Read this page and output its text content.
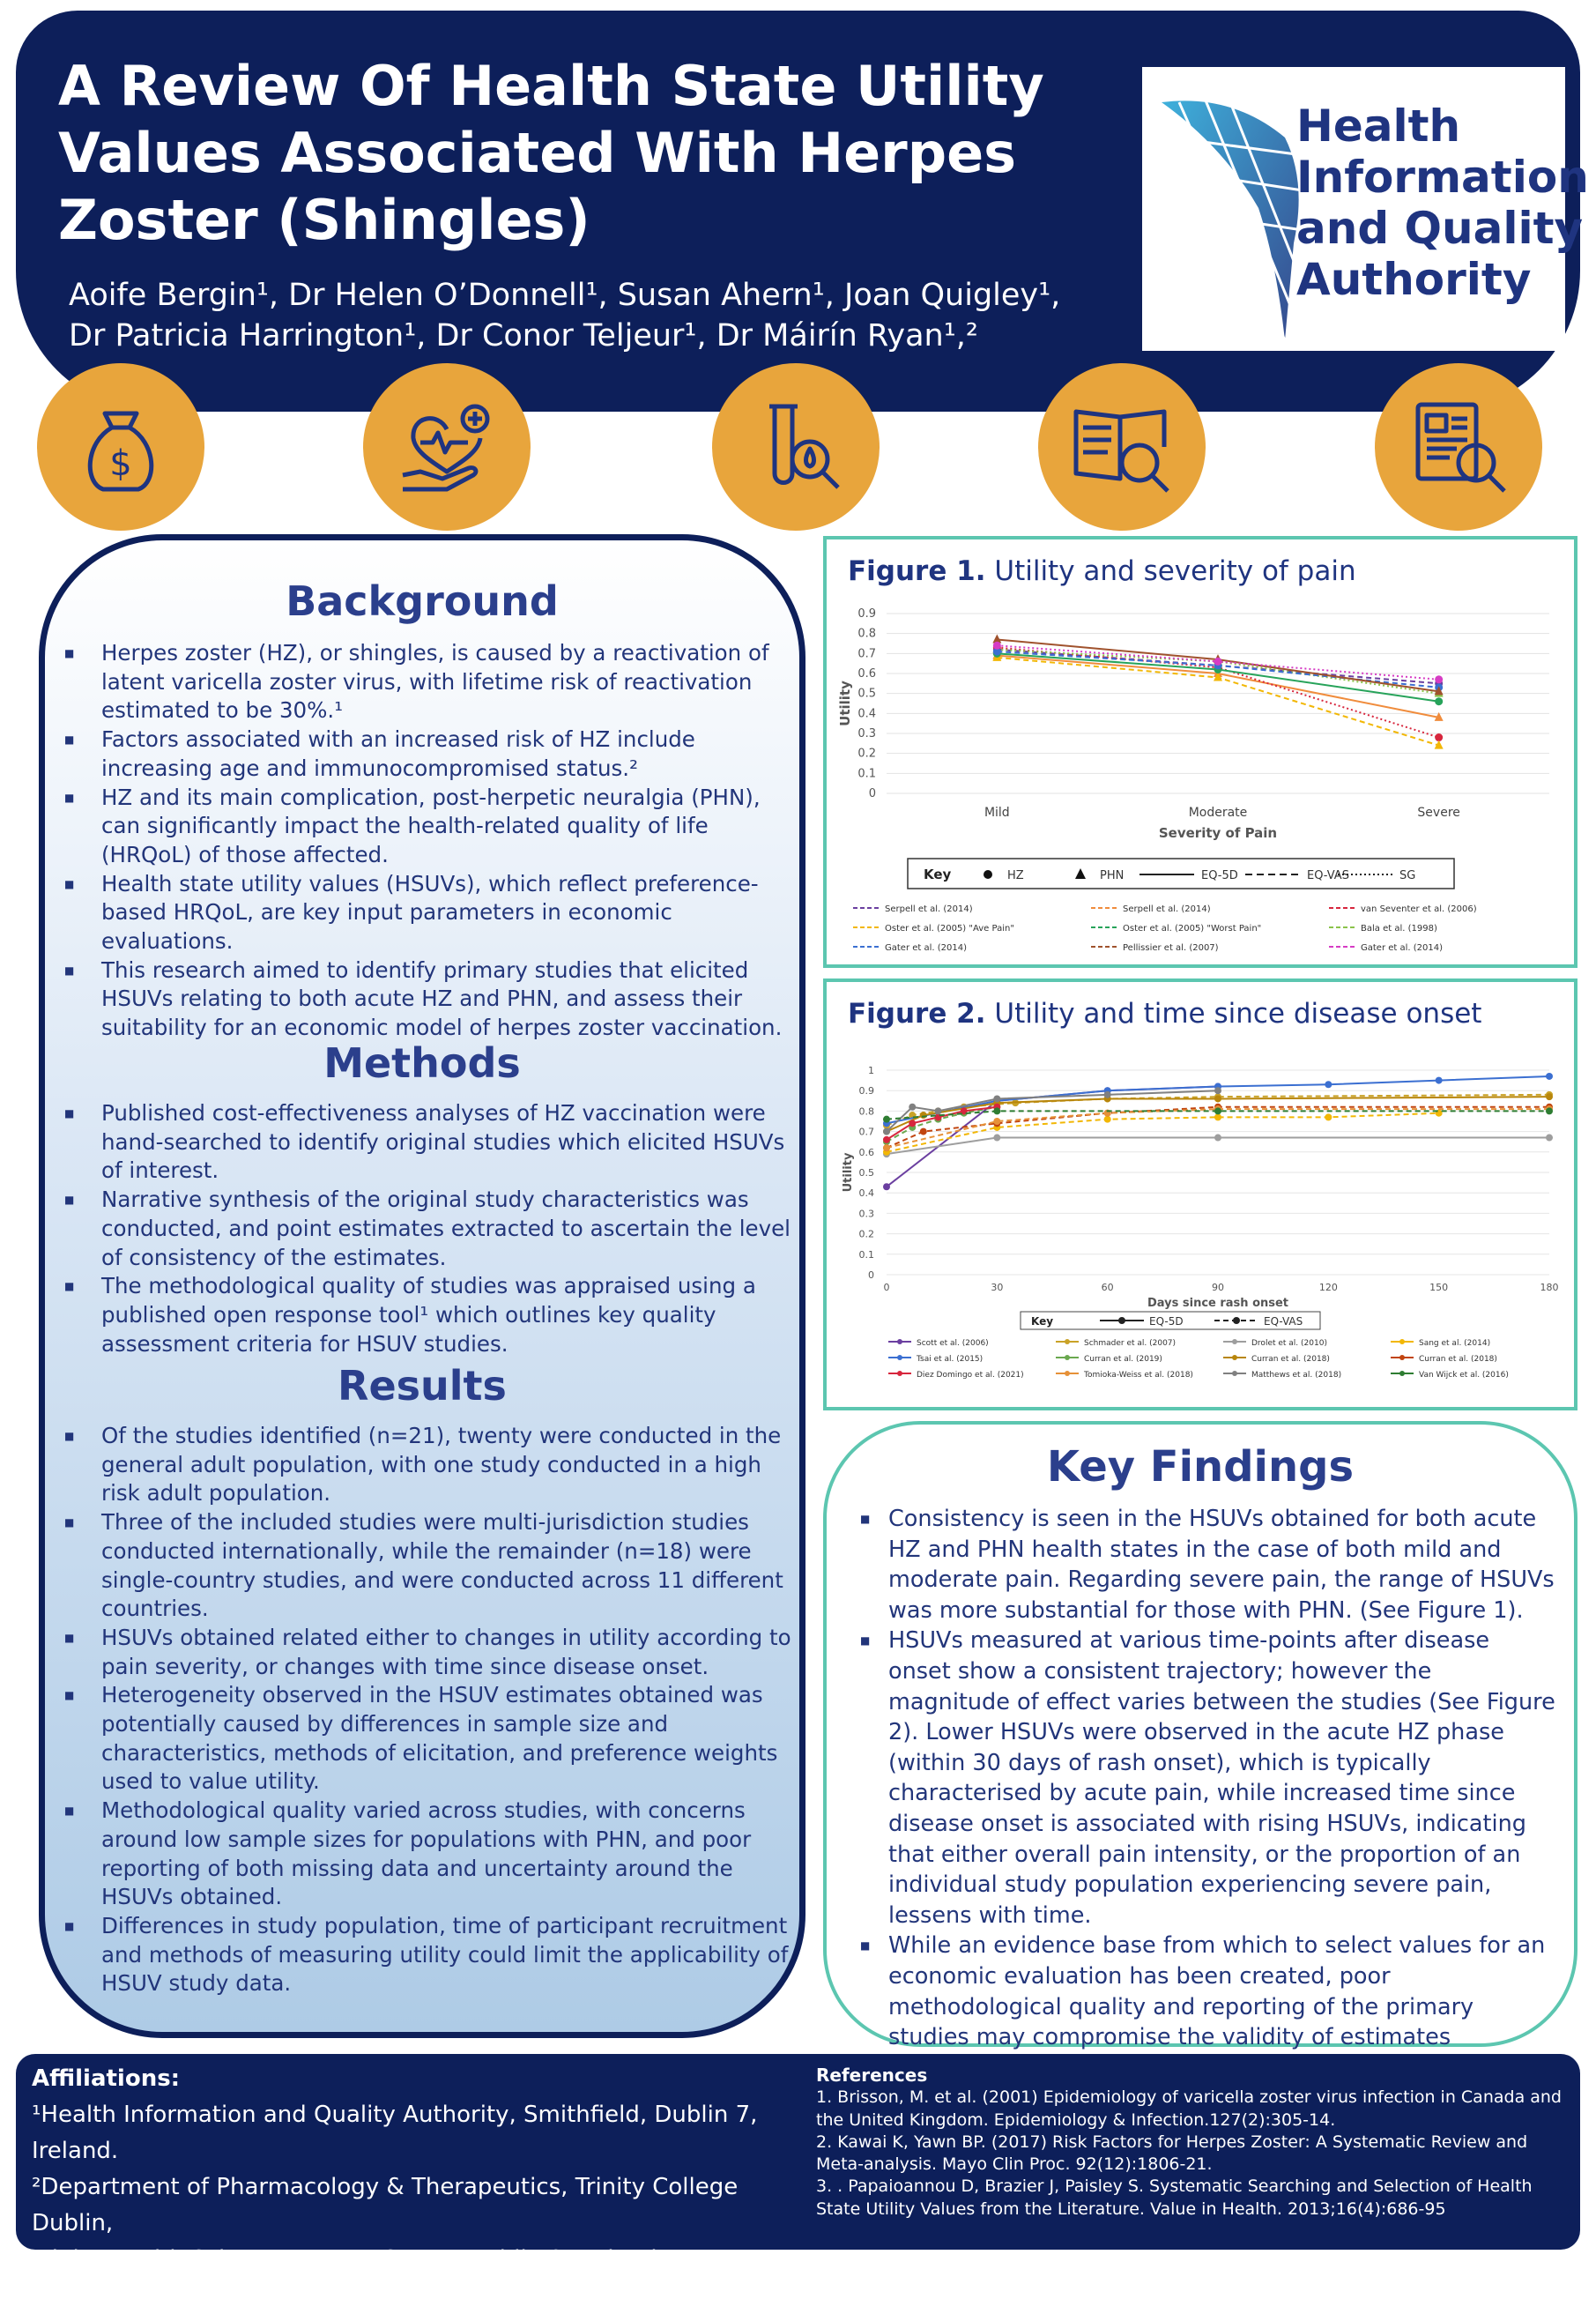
A Review Of Health State Utility
Values Associated With Herpes
Zoster (Shingles)
Aoife Bergin¹, Dr Helen O’Donnell¹, Susan Ahern¹, Joan Quigley¹,
Dr Patricia Harrington¹, Dr Conor Teljeur¹, Dr Máirín Ryan¹,²
Health
Information
and Quality
Authority
$
Background
■ Herpes zoster (HZ), or shingles, is caused by a reactivation of latent varicella zoster virus, with lifetime risk of reactivation estimated to be 30%.¹
■ Factors associated with an increased risk of HZ include increasing age and immunocompromised status.²
■ HZ and its main complication, post-herpetic neuralgia (PHN), can significantly impact the health-related quality of life (HRQoL) of those affected.
■ Health state utility values (HSUVs), which reflect preference-based HRQoL, are key input parameters in economic evaluations.
■ This research aimed to identify primary studies that elicited HSUVs relating to both acute HZ and PHN, and assess their suitability for an economic model of herpes zoster vaccination.
Methods
■ Published cost-effectiveness analyses of HZ vaccination were hand-searched to identify original studies which elicited HSUVs of interest.
■ Narrative synthesis of the original study characteristics was conducted, and point estimates extracted to ascertain the level of consistency of the estimates.
■ The methodological quality of studies was appraised using a published open response tool¹ which outlines key quality assessment criteria for HSUV studies.
Results
■ Of the studies identified (n=21), twenty were conducted in the general adult population, with one study conducted in a high risk adult population.
■ Three of the included studies were multi-jurisdiction studies conducted internationally, while the remainder (n=18) were single-country studies, and were conducted across 11 different countries.
■ HSUVs obtained related either to changes in utility according to pain severity, or changes with time since disease onset.
■ Heterogeneity observed in the HSUV estimates obtained was potentially caused by differences in sample size and characteristics, methods of elicitation, and preference weights used to value utility.
■ Methodological quality varied across studies, with concerns around low sample sizes for populations with PHN, and poor reporting of both missing data and uncertainty around the HSUVs obtained.
■ Differences in study population, time of participant recruitment and methods of measuring utility could limit the applicability of HSUV study data.
Figure 1. Utility and severity of pain
0
0.1
0.2
0.3
0.4
0.5
0.6
0.7
0.8
0.9
Mild	Moderate	Severe
Severity of Pain
Utility
Key	HZ	PHN	EQ-5D	EQ-VAS	SG
Serpell et al. (2014)	Serpell et al. (2014)	van Seventer et al. (2006)
Oster et al. (2005) "Ave Pain"	Oster et al. (2005) "Worst Pain"	Bala et al. (1998)
Gater et al. (2014)	Pellissier et al. (2007)	Gater et al. (2014)
Figure 2. Utility and time since disease onset
0
0.1
0.2
0.3
0.4
0.5
0.6
0.7
0.8
0.9
1
0	30	60	90	120	150	180
Days since rash onset
Utility
Key	EQ-5D	EQ-VAS
Scott et al. (2006)	Schmader et al. (2007)	Drolet et al. (2010)	Sang et al. (2014)
Tsai et al. (2015)	Curran et al. (2019)	Curran et al. (2018)	Curran et al. (2018)
Diez Domingo et al. (2021)	Tomioka-Weiss et al. (2018)	Matthews et al. (2018)	Van Wijck et al. (2016)
Key Findings
■ Consistency is seen in the HSUVs obtained for both acute HZ and PHN health states in the case of both mild and moderate pain. Regarding severe pain, the range of HSUVs was more substantial for those with PHN. (See Figure 1).
■ HSUVs measured at various time-points after disease onset show a consistent trajectory; however the magnitude of effect varies between the studies (See Figure 2). Lower HSUVs were observed in the acute HZ phase (within 30 days of rash onset), which is typically characterised by acute pain, while increased time since disease onset is associated with rising HSUVs, indicating that either overall pain intensity, or the proportion of an individual study population experiencing severe pain, lessens with time.
■ While an evidence base from which to select values for an economic evaluation has been created, poor methodological quality and reporting of the primary studies may compromise the validity of estimates
Affiliations:
¹Health Information and Quality Authority, Smithfield, Dublin 7, Ireland.
²Department of Pharmacology & Therapeutics, Trinity College Dublin,
Trinity Health Sciences, James Street, Dublin 8, Ireland
Contact: Aoife Bergin abergin@hiqa.ie
References
1. Brisson, M. et al. (2001) Epidemiology of varicella zoster virus infection in Canada and the United Kingdom. Epidemiology & Infection.127(2):305-14.
2. Kawai K, Yawn BP. (2017) Risk Factors for Herpes Zoster: A Systematic Review and Meta-analysis. Mayo Clin Proc. 92(12):1806-21.
3. . Papaioannou D, Brazier J, Paisley S. Systematic Searching and Selection of Health State Utility Values from the Literature. Value in Health. 2013;16(4):686-95
